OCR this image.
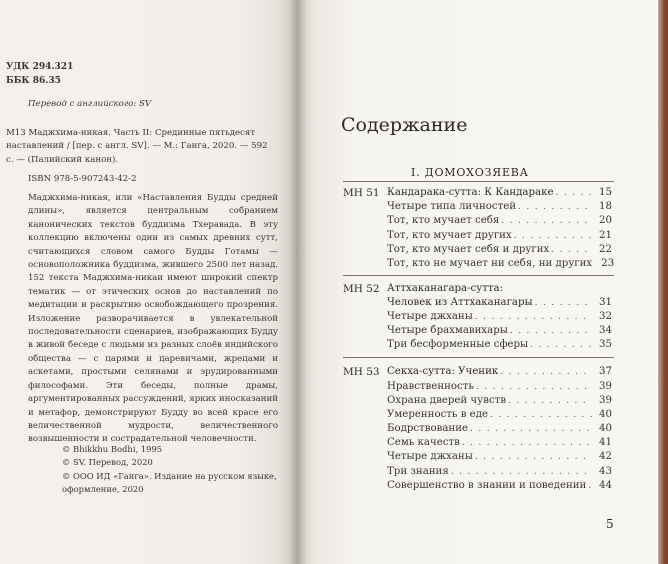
УДК 294.321
ББК 86.35
Перевод с английского: SV
М13 Маджхима-никая. Часть II: Срединные пятьдесят наставлений / [пер. с англ. SV]. — М.: Ганга, 2020. — 592 с. — (Палийский канон).
ISBN 978-5-907243-42-2
Маджхима-никая, или «Наставления Будды средней длины», является центральным собранием канонических текстов буддизма Тхеравада. В эту коллекцию включены одни из самых древних сутт, считающихся словом самого Будды Готамы — основоположника буддизма, жившего 2500 лет назад. 152 текста Маджхима-никаи имеют широкий спектр тематик — от этических основ до наставлений по медитации и раскрытию освобождающего прозрения. Изложение разворачивается в увлекательной последовательности сценариев, изображающих Будду в живой беседе с людьми из разных слоёв индийского общества — с царями и царевичами, жрецами и аскетами, простыми селянами и эрудированными философами. Эти беседы, полные драмы, аргументированных рассуждений, ярких иносказаний и метафор, демонстрируют Будду во всей красе его величественной мудрости, величественного возвышенности и сострадательной человечности.
© Bhikkhu Bodhi, 1995
© SV. Перевод, 2020
© ООО ИД «Ганга». Издание на русском языке, оформление, 2020
Содержание
I. ДОМОХОЗЯЕВА
MH 51 Кандарака-сутта: К Кандараке . . .	15
Четыре типа личностей . . .	18
Тот, кто мучает себя . . .	20
Тот, кто мучает других . . .	21
Тот, кто мучает себя и других . . .	22
Тот, кто не мучает ни себя, ни других 23
MH 52 Аттхаканагара-сутта:
Человек из Аттхаканагары . . .	31
Четыре джханы . . .	32
Четыре брахмавихары . . .	34
Три бесформенные сферы . . .	35
MH 53 Секха-сутта: Ученик . . .	37
Нравственность . . .	39
Охрана дверей чувств . . .	39
Умеренность в еде . . .	40
Бодрствование . . .	40
Семь качеств . . .	41
Четыре джханы . . .	42
Три знания . . .	43
Совершенство в знании и поведении . . .	44
5
